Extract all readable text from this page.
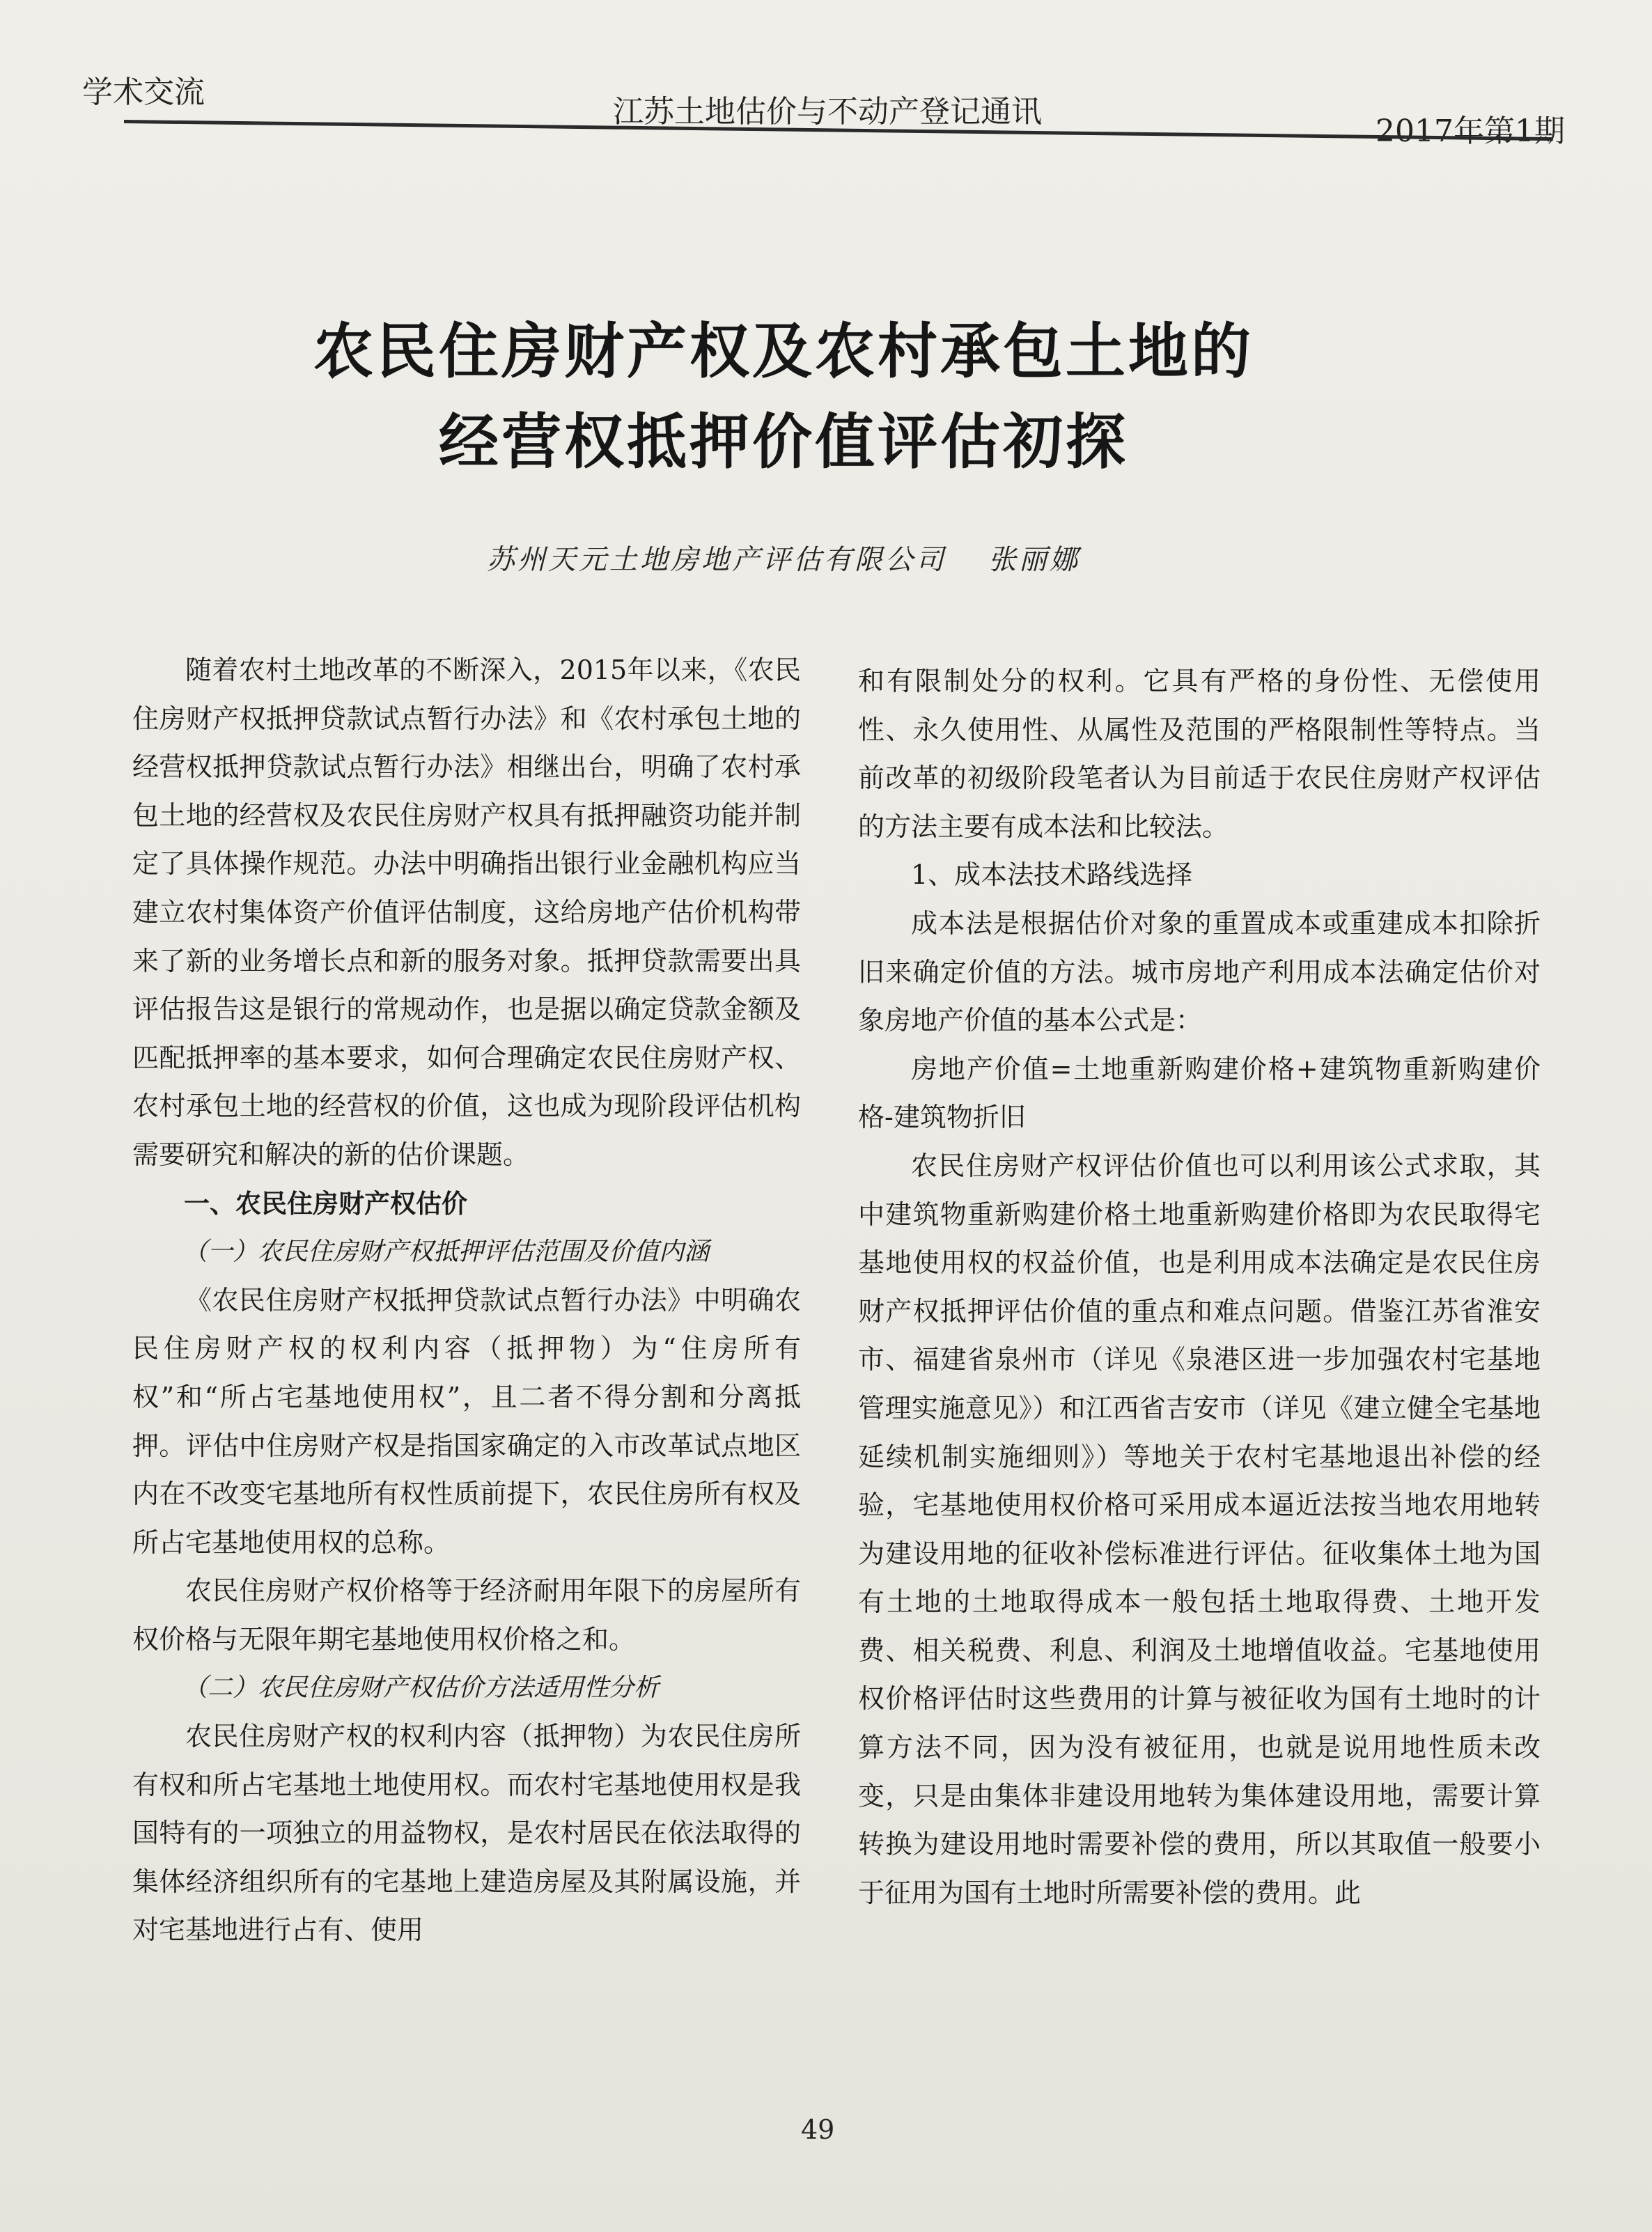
学术交流
江苏土地估价与不动产登记通讯
2017年第1期
农民住房财产权及农村承包土地的
经营权抵押价值评估初探
苏州天元土地房地产评估有限公司 张丽娜

随着农村土地改革的不断深入，2015年以来，《农民住房财产权抵押贷款试点暂行办法》和《农村承包土地的经营权抵押贷款试点暂行办法》相继出台，明确了农村承包土地的经营权及农民住房财产权具有抵押融资功能并制定了具体操作规范。办法中明确指出银行业金融机构应当建立农村集体资产价值评估制度，这给房地产估价机构带来了新的业务增长点和新的服务对象。抵押贷款需要出具评估报告这是银行的常规动作，也是据以确定贷款金额及匹配抵押率的基本要求，如何合理确定农民住房财产权、农村承包土地的经营权的价值，这也成为现阶段评估机构需要研究和解决的新的估价课题。

一、农民住房财产权估价

（一）农民住房财产权抵押评估范围及价值内涵

《农民住房财产权抵押贷款试点暂行办法》中明确农民住房财产权的权利内容（抵押物）为“住房所有权”和“所占宅基地使用权”，且二者不得分割和分离抵押。评估中住房财产权是指国家确定的入市改革试点地区内在不改变宅基地所有权性质前提下，农民住房所有权及所占宅基地使用权的总称。

农民住房财产权价格等于经济耐用年限下的房屋所有权价格与无限年期宅基地使用权价格之和。

（二）农民住房财产权估价方法适用性分析

农民住房财产权的权利内容（抵押物）为农民住房所有权和所占宅基地土地使用权。而农村宅基地使用权是我国特有的一项独立的用益物权，是农村居民在依法取得的集体经济组织所有的宅基地上建造房屋及其附属设施，并对宅基地进行占有、使用

和有限制处分的权利。它具有严格的身份性、无偿使用性、永久使用性、从属性及范围的严格限制性等特点。当前改革的初级阶段笔者认为目前适于农民住房财产权评估的方法主要有成本法和比较法。

1、成本法技术路线选择

成本法是根据估价对象的重置成本或重建成本扣除折旧来确定价值的方法。城市房地产利用成本法确定估价对象房地产价值的基本公式是：

房地产价值=土地重新购建价格+建筑物重新购建价格-建筑物折旧

农民住房财产权评估价值也可以利用该公式求取，其中建筑物重新购建价格土地重新购建价格即为农民取得宅基地使用权的权益价值，也是利用成本法确定是农民住房财产权抵押评估价值的重点和难点问题。借鉴江苏省淮安市、福建省泉州市（详见《泉港区进一步加强农村宅基地管理实施意见》）和江西省吉安市（详见《建立健全宅基地延续机制实施细则》）等地关于农村宅基地退出补偿的经验，宅基地使用权价格可采用成本逼近法按当地农用地转为建设用地的征收补偿标准进行评估。征收集体土地为国有土地的土地取得成本一般包括土地取得费、土地开发费、相关税费、利息、利润及土地增值收益。宅基地使用权价格评估时这些费用的计算与被征收为国有土地时的计算方法不同，因为没有被征用，也就是说用地性质未改变，只是由集体非建设用地转为集体建设用地，需要计算转换为建设用地时需要补偿的费用，所以其取值一般要小于征用为国有土地时所需要补偿的费用。此

49
